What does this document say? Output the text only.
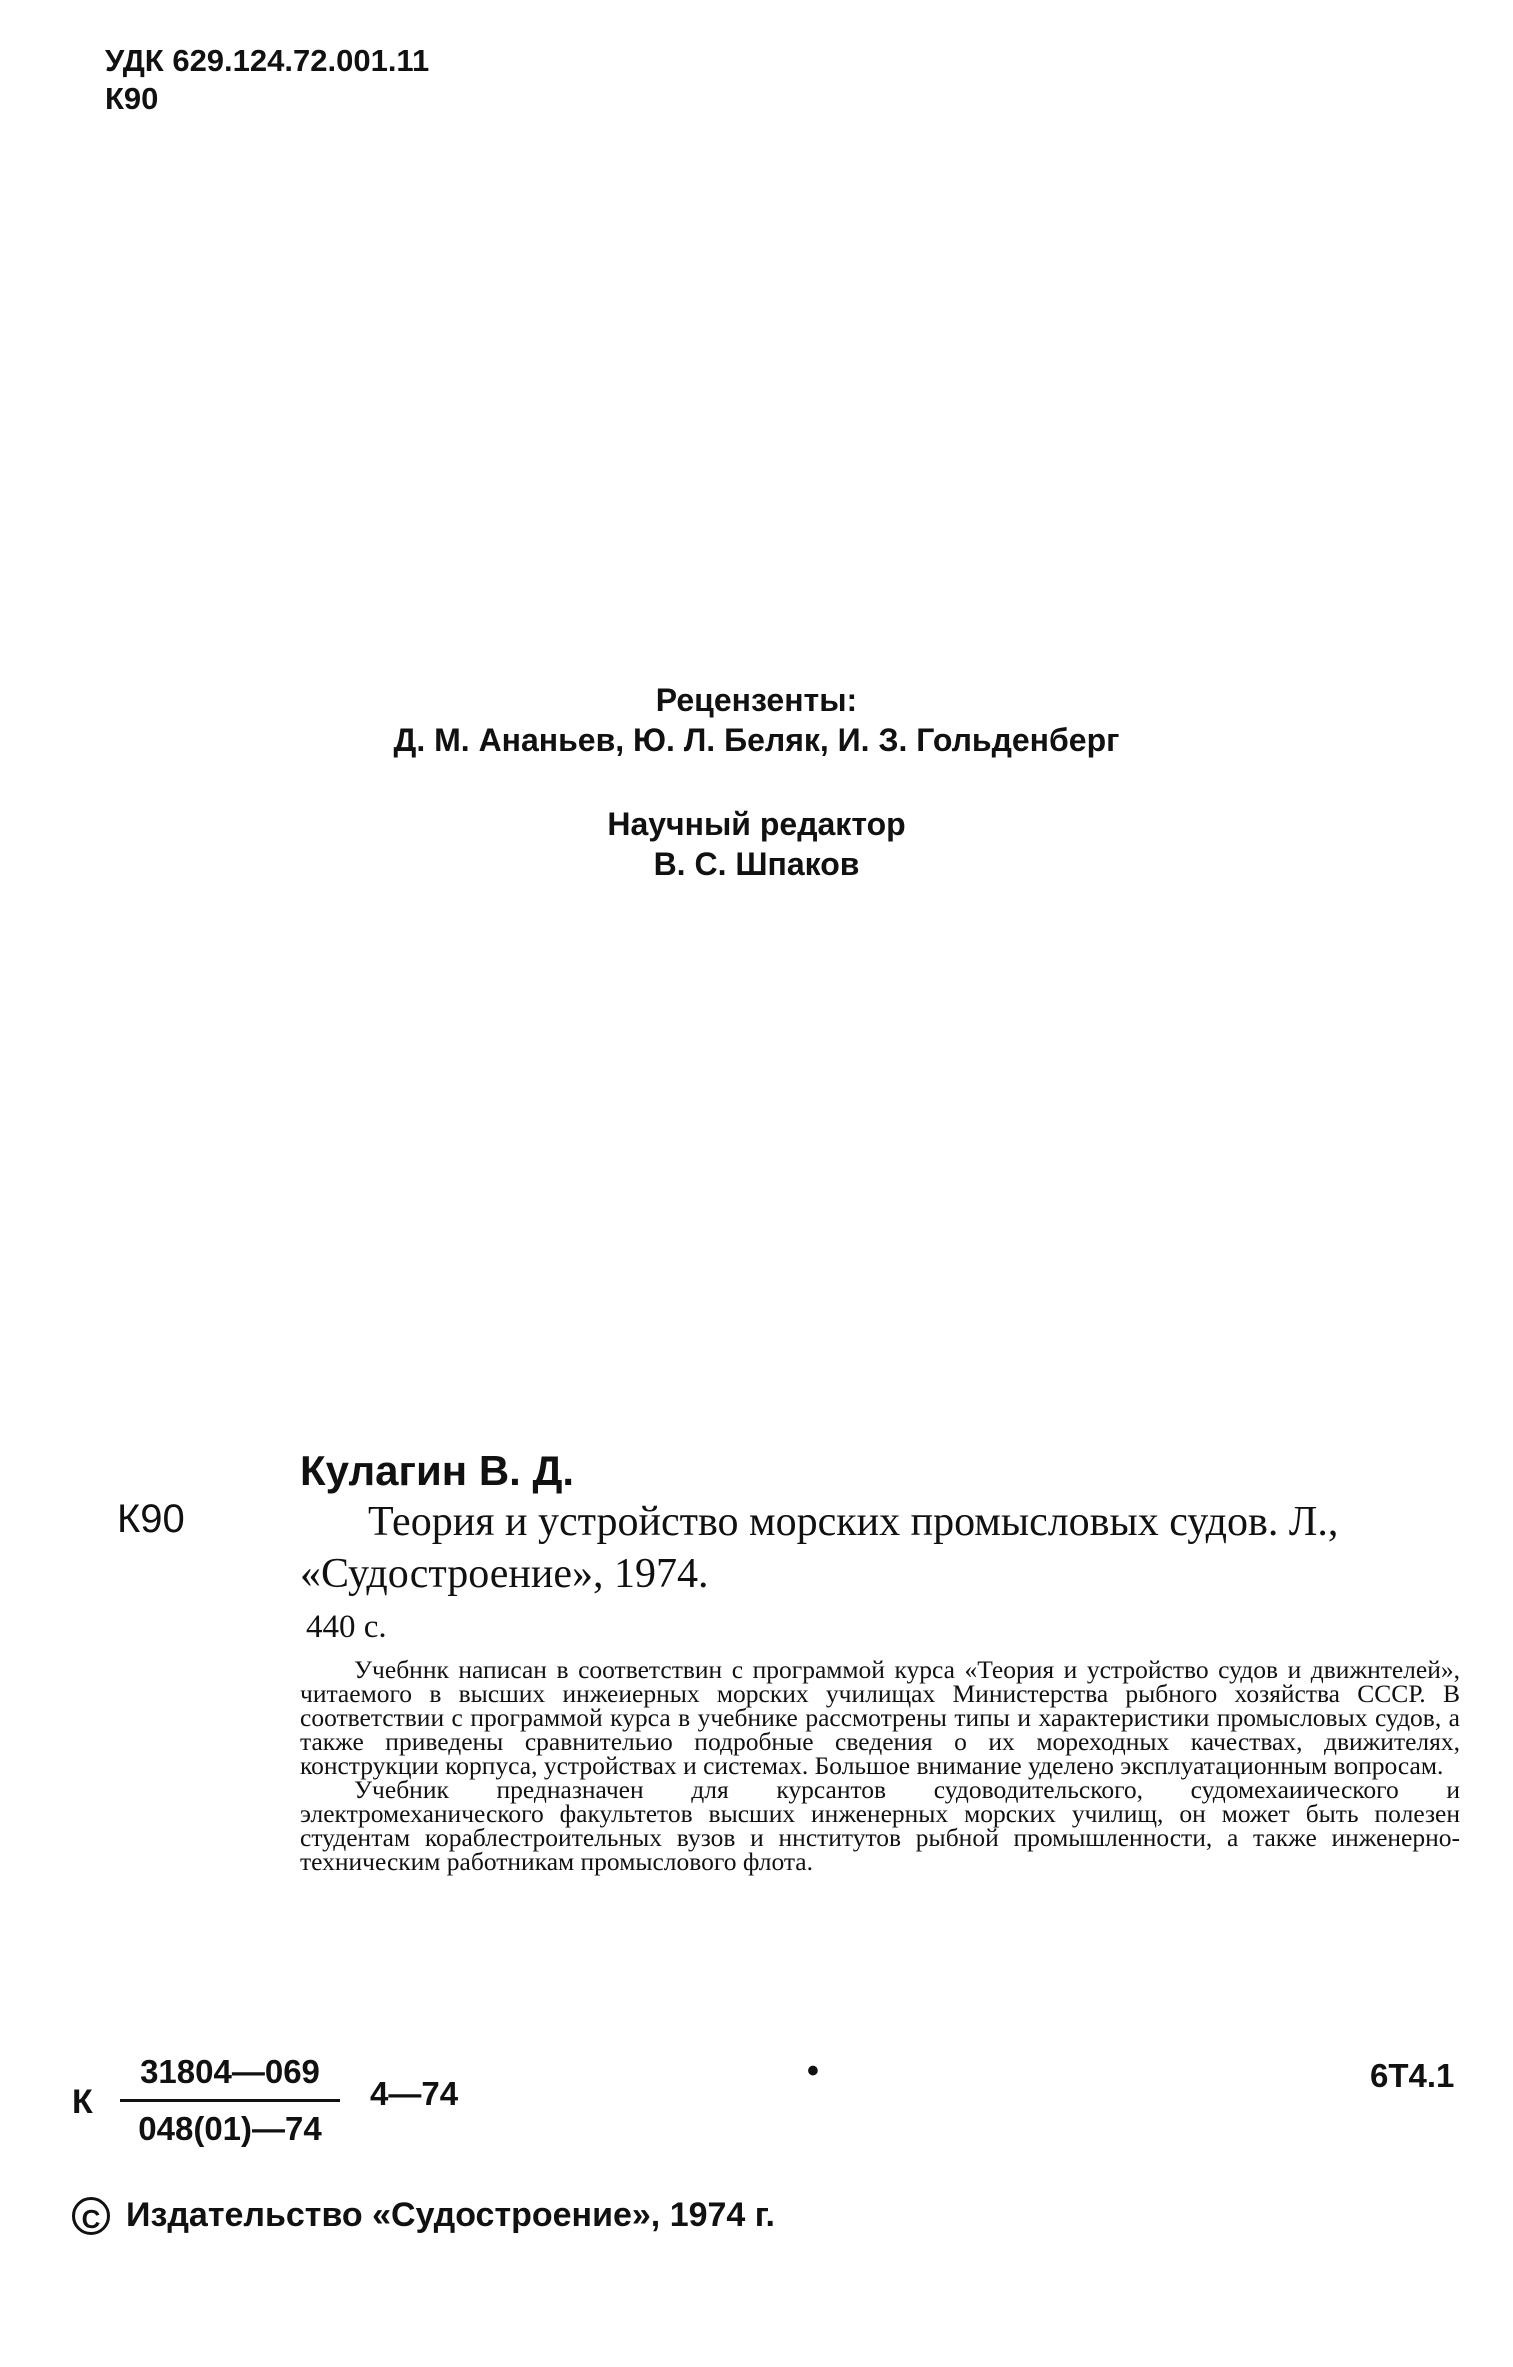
УДК 629.124.72.001.11
К90
Рецензенты:
Д. М. Ананьев, Ю. Л. Беляк, И. З. Гольденберг
Научный редактор
В. С. Шпаков
Кулагин В. Д.
К90	Теория и устройство морских промысловых судов. Л.,
«Судостроение», 1974.
440 с.

Учебннк написан в соответствин с программой курса «Теория и устройство судов и движнтелей», читаемого в высших инжеиерных морских училищах Министерства рыбного хозяйства СССР. В соответствии с программой курса в учебнике рассмотрены типы и характеристики промысловых судов, а также приведены сравнительио подробные сведения о их мореходных качествах, движителях, конструкции корпуса, устройствах и системах. Большое внимание уделено эксплуатационным вопросам.

Учебник предназначен для курсантов судоводительского, судомехаиического и электромеханического факультетов высших инженерных морских училищ, он может быть полезен студентам кораблестроительных вузов и ннститутов рыбной промышленности, а также инженерно-техническим работникам промыслового флота.

К $\frac{31804—069}{048(01)—74}$ 4—74
•	6Т4.1
C Издательство «Судостроение», 1974 г.
